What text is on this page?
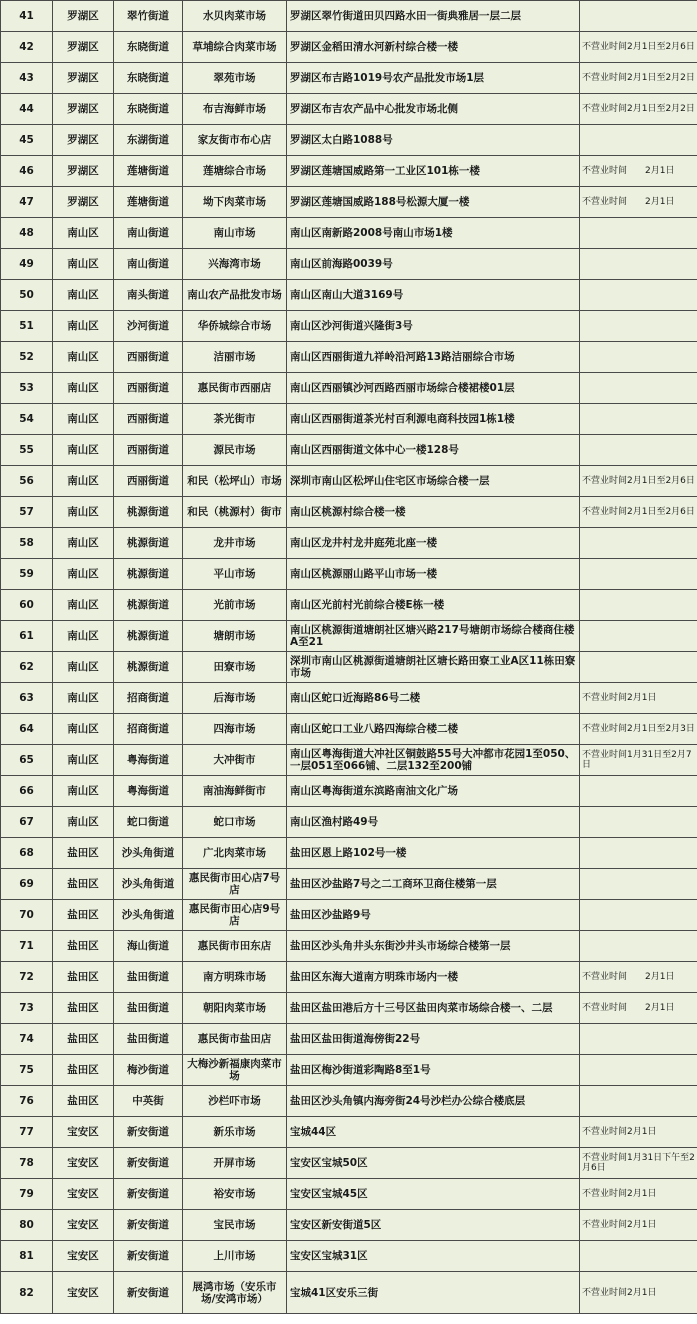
41	罗湖区	翠竹街道	水贝肉菜市场	罗湖区翠竹街道田贝四路水田一街典雅居一层二层	
42	罗湖区	东晓街道	草埔综合肉菜市场	罗湖区金稻田清水河新村综合楼一楼	不营业时间2月1日至2月6日
43	罗湖区	东晓街道	翠苑市场	罗湖区布吉路1019号农产品批发市场1层	不营业时间2月1日至2月2日
44	罗湖区	东晓街道	布吉海鲜市场	罗湖区布吉农产品中心批发市场北侧	不营业时间2月1日至2月2日
45	罗湖区	东湖街道	家友街市布心店	罗湖区太白路1088号	
46	罗湖区	莲塘街道	莲塘综合市场	罗湖区莲塘国威路第一工业区101栋一楼	不营业时间　　2月1日
47	罗湖区	莲塘街道	坳下肉菜市场	罗湖区莲塘国威路188号松源大厦一楼	不营业时间　　2月1日
48	南山区	南山街道	南山市场	南山区南新路2008号南山市场1楼	
49	南山区	南山街道	兴海湾市场	南山区前海路0039号	
50	南山区	南头街道	南山农产品批发市场	南山区南山大道3169号	
51	南山区	沙河街道	华侨城综合市场	南山区沙河街道兴隆街3号	
52	南山区	西丽街道	洁丽市场	南山区西丽街道九祥岭沿河路13路洁丽综合市场	
53	南山区	西丽街道	惠民街市西丽店	南山区西丽镇沙河西路西丽市场综合楼裙楼01层	
54	南山区	西丽街道	茶光街市	南山区西丽街道茶光村百利源电商科技园1栋1楼	
55	南山区	西丽街道	源民市场	南山区西丽街道文体中心一楼128号	
56	南山区	西丽街道	和民（松坪山）市场	深圳市南山区松坪山住宅区市场综合楼一层	不营业时间2月1日至2月6日
57	南山区	桃源街道	和民（桃源村）街市	南山区桃源村综合楼一楼	不营业时间2月1日至2月6日
58	南山区	桃源街道	龙井市场	南山区龙井村龙井庭苑北座一楼	
59	南山区	桃源街道	平山市场	南山区桃源丽山路平山市场一楼	
60	南山区	桃源街道	光前市场	南山区光前村光前综合楼E栋一楼	
61	南山区	桃源街道	塘朗市场	南山区桃源街道塘朗社区塘兴路217号塘朗市场综合楼商住楼A至21	
62	南山区	桃源街道	田寮市场	深圳市南山区桃源街道塘朗社区塘长路田寮工业A区11栋田寮市场	
63	南山区	招商街道	后海市场	南山区蛇口近海路86号二楼	不营业时间2月1日
64	南山区	招商街道	四海市场	南山区蛇口工业八路四海综合楼二楼	不营业时间2月1日至2月3日
65	南山区	粤海街道	大冲街市	南山区粤海街道大冲社区铜鼓路55号大冲都市花园1至050、一层051至066铺、二层132至200铺	不营业时间1月31日至2月7日
66	南山区	粤海街道	南油海鲜街市	南山区粤海街道东滨路南油文化广场	
67	南山区	蛇口街道	蛇口市场	南山区渔村路49号	
68	盐田区	沙头角街道	广北肉菜市场	盐田区恩上路102号一楼	
69	盐田区	沙头角街道	惠民街市田心店7号店	盐田区沙盐路7号之二工商环卫商住楼第一层	
70	盐田区	沙头角街道	惠民街市田心店9号店	盐田区沙盐路9号	
71	盐田区	海山街道	惠民街市田东店	盐田区沙头角井头东街沙井头市场综合楼第一层	
72	盐田区	盐田街道	南方明珠市场	盐田区东海大道南方明珠市场内一楼	不营业时间　　2月1日
73	盐田区	盐田街道	朝阳肉菜市场	盐田区盐田港后方十三号区盐田肉菜市场综合楼一、二层	不营业时间　　2月1日
74	盐田区	盐田街道	惠民街市盐田店	盐田区盐田街道海傍街22号	
75	盐田区	梅沙街道	大梅沙新福康肉菜市场	盐田区梅沙街道彩陶路8至1号	
76	盐田区	中英街	沙栏吓市场	盐田区沙头角镇内海旁街24号沙栏办公综合楼底层	
77	宝安区	新安街道	新乐市场	宝城44区	不营业时间2月1日
78	宝安区	新安街道	开屏市场	宝安区宝城50区	不营业时间1月31日下午至2月6日
79	宝安区	新安街道	裕安市场	宝安区宝城45区	不营业时间2月1日
80	宝安区	新安街道	宝民市场	宝安区新安街道5区	不营业时间2月1日
81	宝安区	新安街道	上川市场	宝安区宝城31区	
82	宝安区	新安街道	展鸿市场（安乐市场/安鸿市场）	宝城41区安乐三街	不营业时间2月1日
